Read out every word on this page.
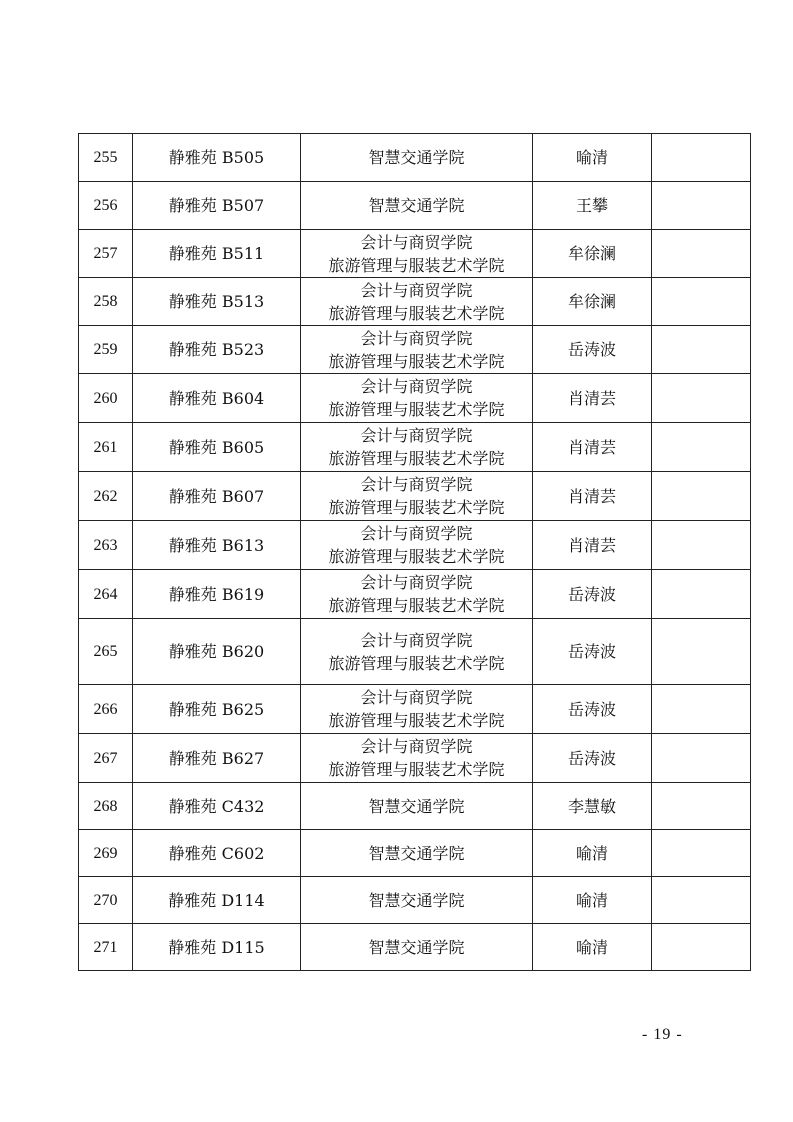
255	静雅苑 B505	智慧交通学院	喻清	
256	静雅苑 B507	智慧交通学院	王攀	
257	静雅苑 B511	会计与商贸学院
旅游管理与服装艺术学院	牟徐澜	
258	静雅苑 B513	会计与商贸学院
旅游管理与服装艺术学院	牟徐澜	
259	静雅苑 B523	会计与商贸学院
旅游管理与服装艺术学院	岳涛波	
260	静雅苑 B604	会计与商贸学院
旅游管理与服装艺术学院	肖清芸	
261	静雅苑 B605	会计与商贸学院
旅游管理与服装艺术学院	肖清芸	
262	静雅苑 B607	会计与商贸学院
旅游管理与服装艺术学院	肖清芸	
263	静雅苑 B613	会计与商贸学院
旅游管理与服装艺术学院	肖清芸	
264	静雅苑 B619	会计与商贸学院
旅游管理与服装艺术学院	岳涛波	
265	静雅苑 B620	会计与商贸学院
旅游管理与服装艺术学院	岳涛波	
266	静雅苑 B625	会计与商贸学院
旅游管理与服装艺术学院	岳涛波	
267	静雅苑 B627	会计与商贸学院
旅游管理与服装艺术学院	岳涛波	
268	静雅苑 C432	智慧交通学院	李慧敏	
269	静雅苑 C602	智慧交通学院	喻清	
270	静雅苑 D114	智慧交通学院	喻清	
271	静雅苑 D115	智慧交通学院	喻清	
- 19 -
